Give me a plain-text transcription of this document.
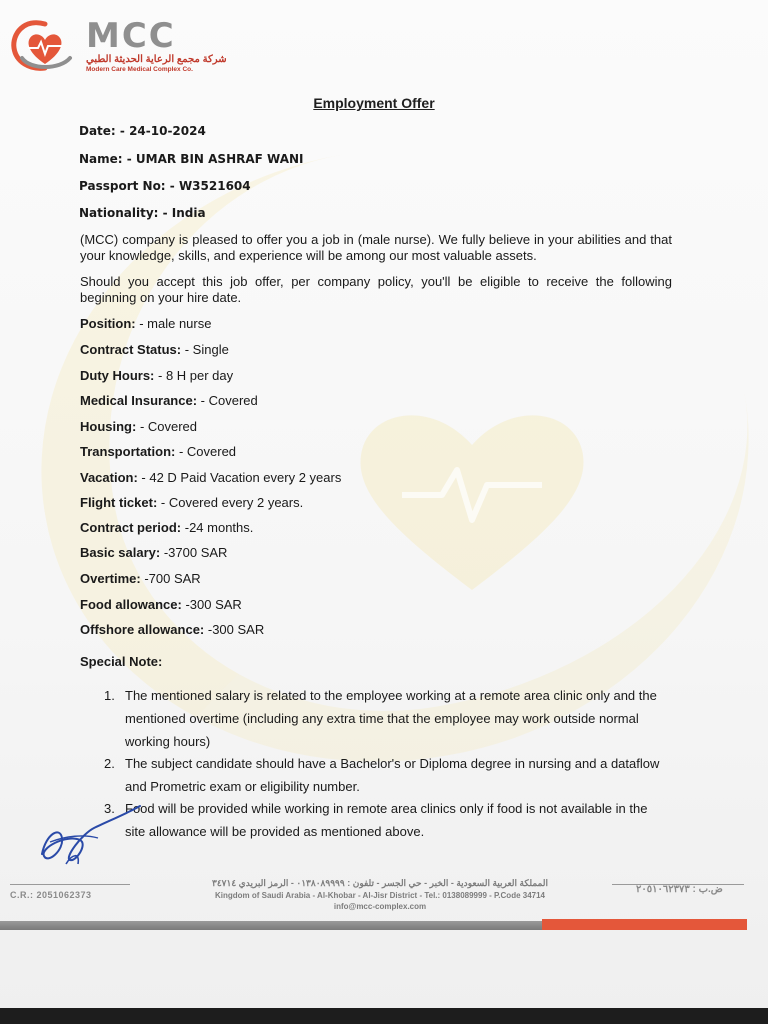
MCC
شركة مجمع الرعاية الحديثة الطبي
Modern Care Medical Complex Co.
Employment Offer
Date: - 24-10-2024
Name: - UMAR BIN ASHRAF WANI
Passport No: - W3521604
Nationality: - India
(MCC) company is pleased to offer you a job in (male nurse). We fully believe in your abilities and that your knowledge, skills, and experience will be among our most valuable assets.
Should you accept this job offer, per company policy, you'll be eligible to receive the following beginning on your hire date.
Position: - male nurse
Contract Status: - Single
Duty Hours: - 8 H per day
Medical Insurance: - Covered
Housing: - Covered
Transportation: - Covered
Vacation: - 42 D Paid Vacation every 2 years
Flight ticket: - Covered every 2 years.
Contract period: -24 months.
Basic salary: -3700 SAR
Overtime: -700 SAR
Food allowance: -300 SAR
Offshore allowance: -300 SAR
Special Note:
1. The mentioned salary is related to the employee working at a remote area clinic only and the mentioned overtime (including any extra time that the employee may work outside normal working hours)
2. The subject candidate should have a Bachelor's or Diploma degree in nursing and a dataflow and Prometric exam or eligibility number.
3. Food will be provided while working in remote area clinics only if food is not available in the site allowance will be provided as mentioned above.
C.R.: 2051062373	ض.ب : ٢٠٥١٠٦٢٣٧٣
المملكة العربية السعودية - الخبر - حي الجسر - تلفون : ٠١٣٨٠٨٩٩٩٩ - الرمز البريدي ٣٤٧١٤
Kingdom of Saudi Arabia - Al-Khobar - Al-Jisr District - Tel.: 0138089999 - P.Code 34714
info@mcc-complex.com
